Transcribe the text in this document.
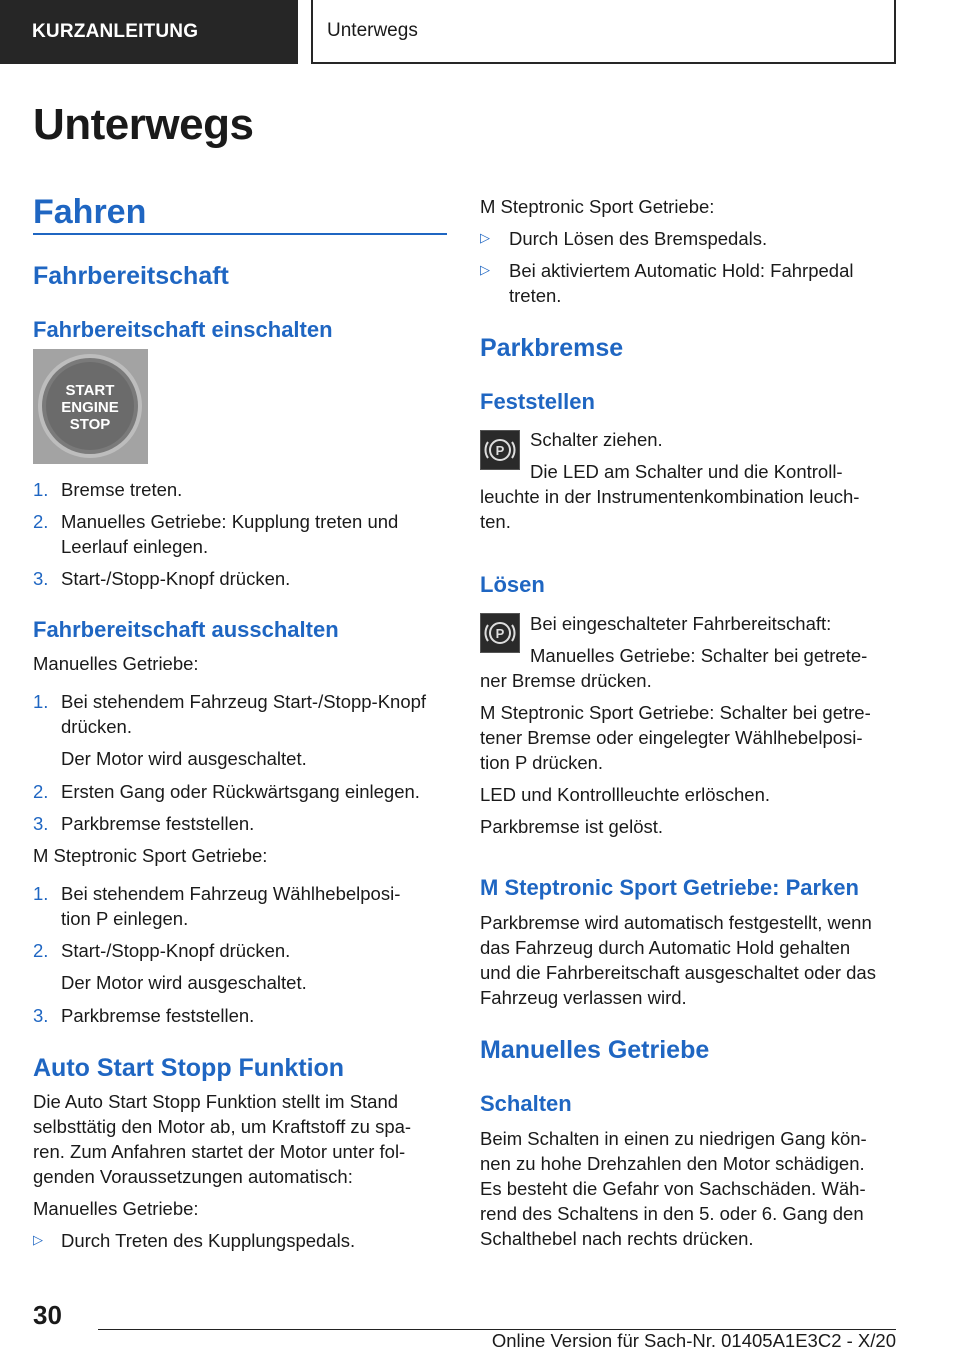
KURZANLEITUNG	Unterwegs
Unterwegs
Fahren
Fahrbereitschaft
Fahrbereitschaft einschalten
START
ENGINE
STOP
1. Bremse treten.

2. Manuelles Getriebe: Kupplung treten und

Leerlauf einlegen.

3. Start-/Stopp-Knopf drücken.

Fahrbereitschaft ausschalten

Manuelles Getriebe:

1. Bei stehendem Fahrzeug Start-/Stopp-Knopf

drücken.

Der Motor wird ausgeschaltet.

2. Ersten Gang oder Rückwärtsgang einlegen.

3. Parkbremse feststellen.

M Steptronic Sport Getriebe:

1. Bei stehendem Fahrzeug Wählhebelposi-

tion P einlegen.

2. Start-/Stopp-Knopf drücken.

Der Motor wird ausgeschaltet.

3. Parkbremse feststellen.

Auto Start Stopp Funktion

Die Auto Start Stopp Funktion stellt im Stand

selbsttätig den Motor ab, um Kraftstoff zu spa-

ren. Zum Anfahren startet der Motor unter fol-

genden Voraussetzungen automatisch:

Manuelles Getriebe:

▷ Durch Treten des Kupplungspedals.

M Steptronic Sport Getriebe:

▷ Durch Lösen des Bremspedals.

▷ Bei aktiviertem Automatic Hold: Fahrpedal

treten.

Parkbremse
Feststellen
P

Schalter ziehen.

Die LED am Schalter und die Kontroll-

leuchte in der Instrumentenkombination leuch-

ten.

Lösen
P Bei eingeschalteter Fahrbereitschaft:

Manuelles Getriebe: Schalter bei getrete-

ner Bremse drücken.

M Steptronic Sport Getriebe: Schalter bei getre-

tener Bremse oder eingelegter Wählhebelposi-

tion P drücken.

LED und Kontrollleuchte erlöschen.

Parkbremse ist gelöst.

M Steptronic Sport Getriebe: Parken

Parkbremse wird automatisch festgestellt, wenn

das Fahrzeug durch Automatic Hold gehalten

und die Fahrbereitschaft ausgeschaltet oder das

Fahrzeug verlassen wird.

Manuelles Getriebe
Schalten

Beim Schalten in einen zu niedrigen Gang kön-

nen zu hohe Drehzahlen den Motor schädigen.

Es besteht die Gefahr von Sachschäden. Wäh-

rend des Schaltens in den 5. oder 6. Gang den

Schalthebel nach rechts drücken.

30
Online Version für Sach-Nr. 01405A1E3C2 - X/20
